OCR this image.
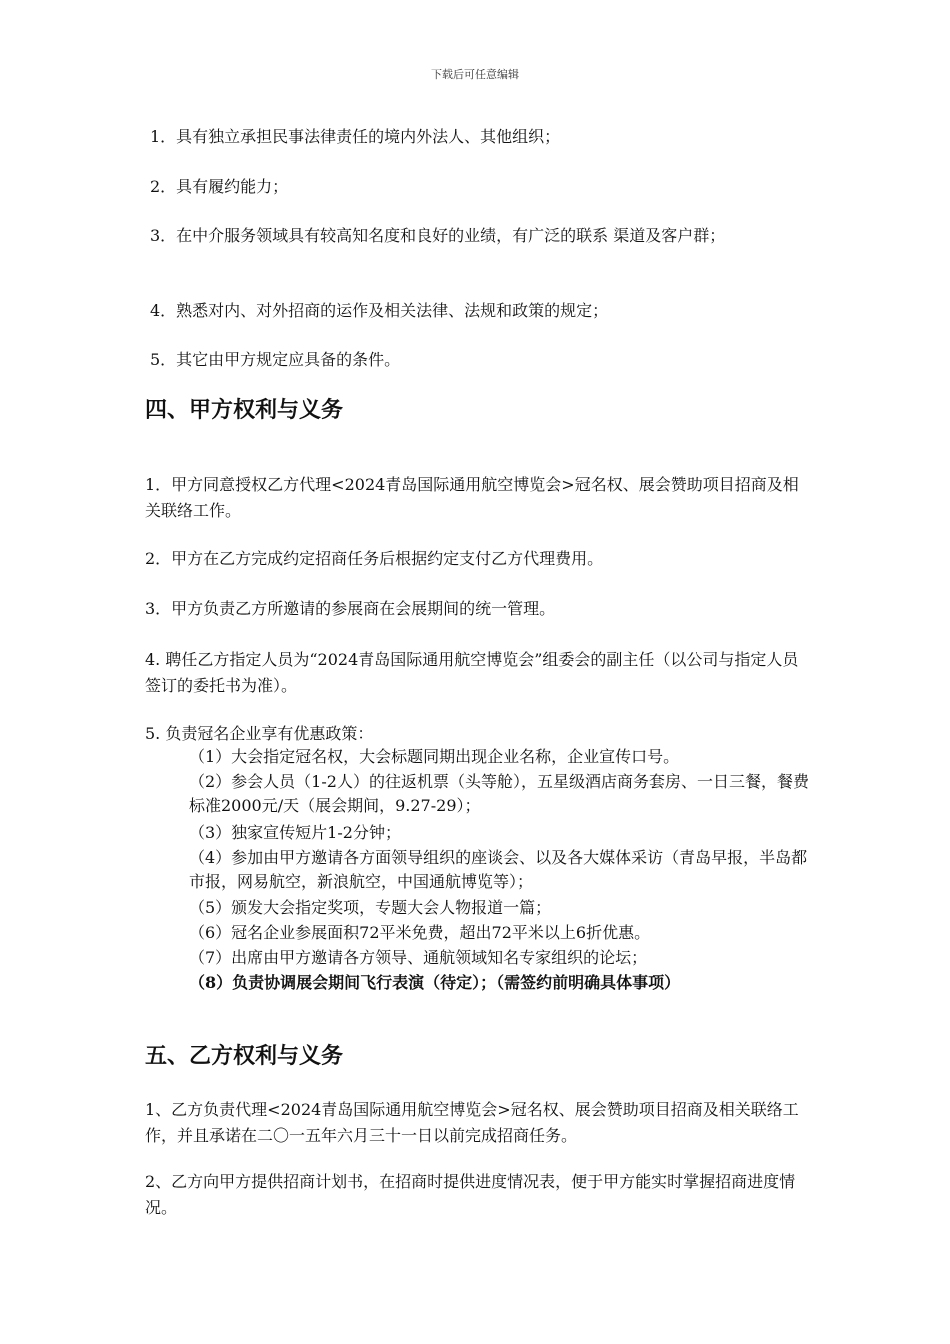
下载后可任意编辑
1．具有独立承担民事法律责任的境内外法人、其他组织；
2．具有履约能力；
3．在中介服务领域具有较高知名度和良好的业绩，有广泛的联系 渠道及客户群；
4．熟悉对内、对外招商的运作及相关法律、法规和政策的规定；
5．其它由甲方规定应具备的条件。
四、甲方权利与义务
1．甲方同意授权乙方代理<2024青岛国际通用航空博览会>冠名权、展会赞助项目招商及相关联络工作。
2．甲方在乙方完成约定招商任务后根据约定支付乙方代理费用。
3．甲方负责乙方所邀请的参展商在会展期间的统一管理。
4. 聘任乙方指定人员为“2024青岛国际通用航空博览会”组委会的副主任（以公司与指定人员签订的委托书为准）。
5. 负责冠名企业享有优惠政策：
（1）大会指定冠名权，大会标题同期出现企业名称，企业宣传口号。
（2）参会人员（1-2人）的往返机票（头等舱），五星级酒店商务套房、一日三餐，餐费标准2000元/天（展会期间，9.27-29）；
（3）独家宣传短片1-2分钟；
（4）参加由甲方邀请各方面领导组织的座谈会、以及各大媒体采访（青岛早报，半岛都市报，网易航空，新浪航空，中国通航博览等）；
（5）颁发大会指定奖项，专题大会人物报道一篇；
（6）冠名企业参展面积72平米免费，超出72平米以上6折优惠。
（7）出席由甲方邀请各方领导、通航领域知名专家组织的论坛；
（8）负责协调展会期间飞行表演（待定）；（需签约前明确具体事项）
五、乙方权利与义务
1、乙方负责代理<2024青岛国际通用航空博览会>冠名权、展会赞助项目招商及相关联络工作，并且承诺在二〇一五年六月三十一日以前完成招商任务。
2、乙方向甲方提供招商计划书，在招商时提供进度情况表，便于甲方能实时掌握招商进度情况。
